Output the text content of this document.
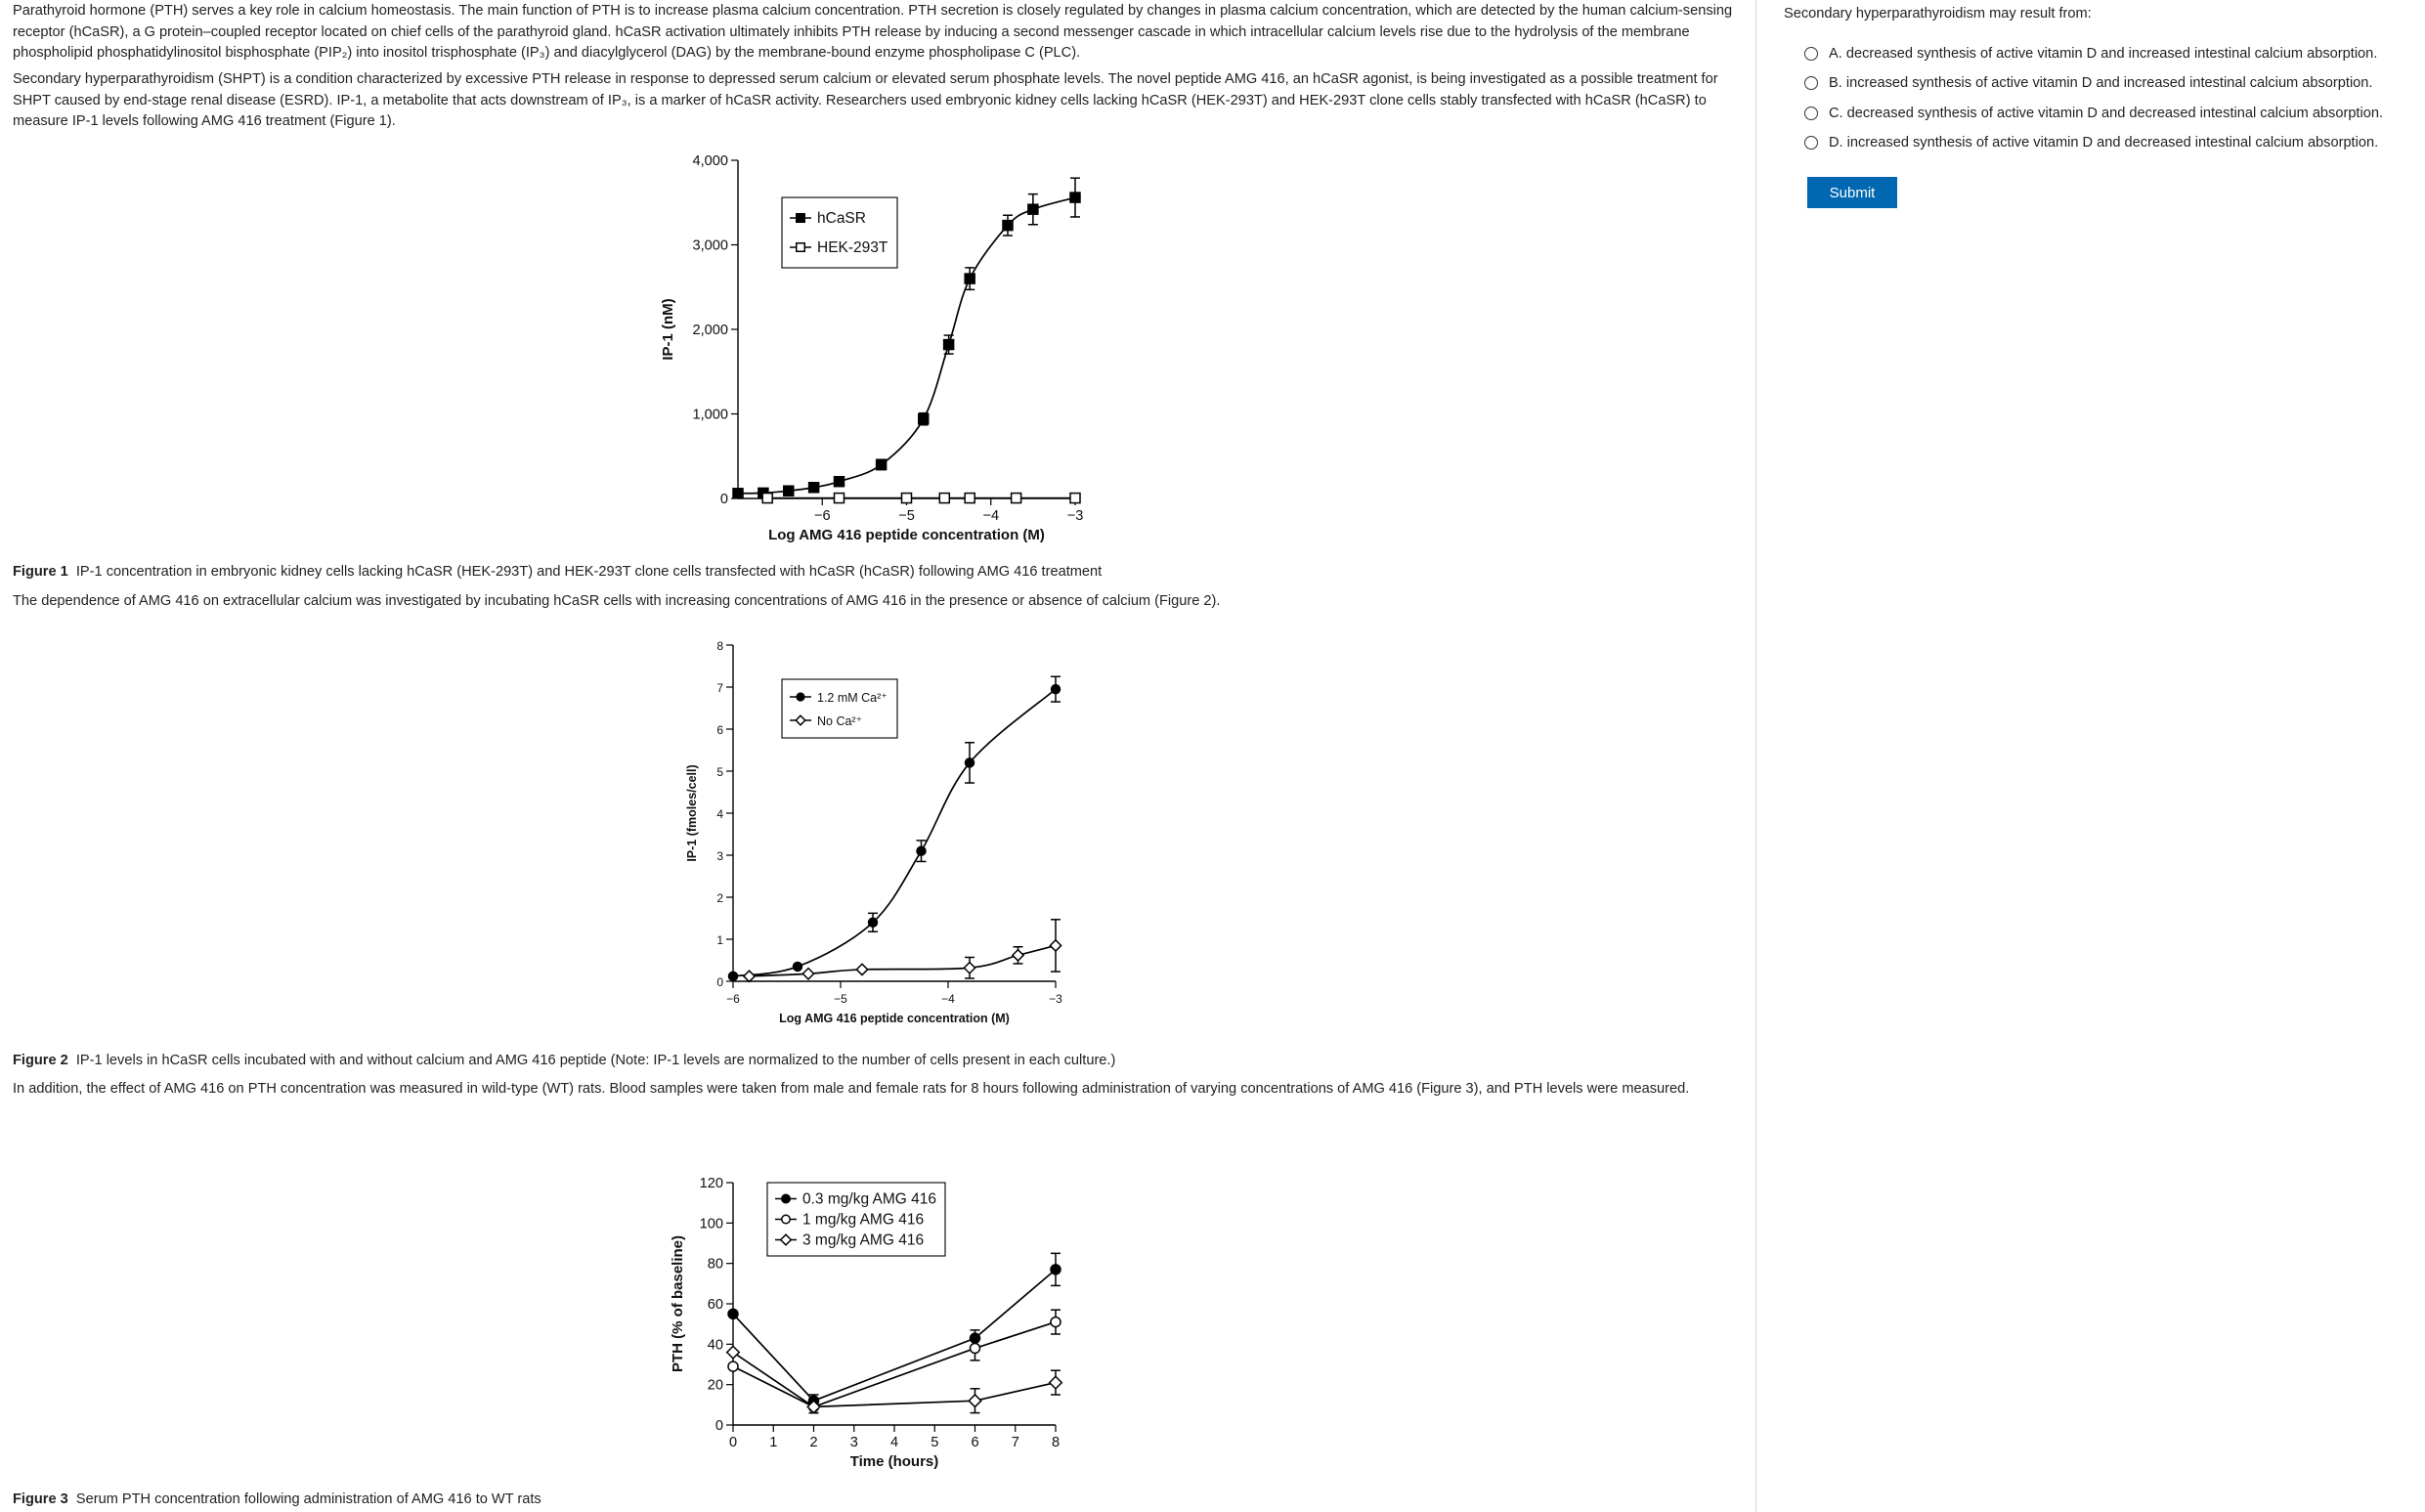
Parathyroid hormone (PTH) serves a key role in calcium homeostasis. The main function of PTH is to increase plasma calcium concentration. PTH secretion is closely regulated by changes in plasma calcium concentration, which are detected by the human calcium-sensing receptor (hCaSR), a G protein–coupled receptor located on chief cells of the parathyroid gland. hCaSR activation ultimately inhibits PTH release by inducing a second messenger cascade in which intracellular calcium levels rise due to the hydrolysis of the membrane phospholipid phosphatidylinositol bisphosphate (PIP₂) into inositol trisphosphate (IP₃) and diacylglycerol (DAG) by the membrane-bound enzyme phospholipase C (PLC).

Secondary hyperparathyroidism (SHPT) is a condition characterized by excessive PTH release in response to depressed serum calcium or elevated serum phosphate levels. The novel peptide AMG 416, an hCaSR agonist, is being investigated as a possible treatment for SHPT caused by end-stage renal disease (ESRD). IP-1, a metabolite that acts downstream of IP₃, is a marker of hCaSR activity. Researchers used embryonic kidney cells lacking hCaSR (HEK-293T) and HEK-293T clone cells stably transfected with hCaSR (hCaSR) to measure IP-1 levels following AMG 416 treatment (Figure 1).

0
1,000
2,000
3,000
4,000
−6	−5	−4	−3
Log AMG 416 peptide concentration (M)
IP-1 (nM)
hCaSR
HEK-293T

Figure 1 IP-1 concentration in embryonic kidney cells lacking hCaSR (HEK-293T) and HEK-293T clone cells transfected with hCaSR (hCaSR) following AMG 416 treatment

The dependence of AMG 416 on extracellular calcium was investigated by incubating hCaSR cells with increasing concentrations of AMG 416 in the presence or absence of calcium (Figure 2).

0
1
2
3
4
5
6
7
8
−6	−5	−4	−3
Log AMG 416 peptide concentration (M)
IP-1 (fmoles/cell)
1.2 mM Ca²⁺
No Ca²⁺

Figure 2 IP-1 levels in hCaSR cells incubated with and without calcium and AMG 416 peptide (Note: IP-1 levels are normalized to the number of cells present in each culture.)

In addition, the effect of AMG 416 on PTH concentration was measured in wild-type (WT) rats. Blood samples were taken from male and female rats for 8 hours following administration of varying concentrations of AMG 416 (Figure 3), and PTH levels were measured.

0
20
40
60
80
100
120
0 1 2 3 4 5 6 7 8
Time (hours)
PTH (% of baseline)
0.3 mg/kg AMG 416
1 mg/kg AMG 416
3 mg/kg AMG 416

Figure 3 Serum PTH concentration following administration of AMG 416 to WT rats

Secondary hyperparathyroidism may result from:

A.
decreased synthesis of active vitamin D and increased intestinal calcium absorption.
B.
increased synthesis of active vitamin D and increased intestinal calcium absorption.
C.
decreased synthesis of active vitamin D and decreased intestinal calcium absorption.
D.
increased synthesis of active vitamin D and decreased intestinal calcium absorption.
Submit
